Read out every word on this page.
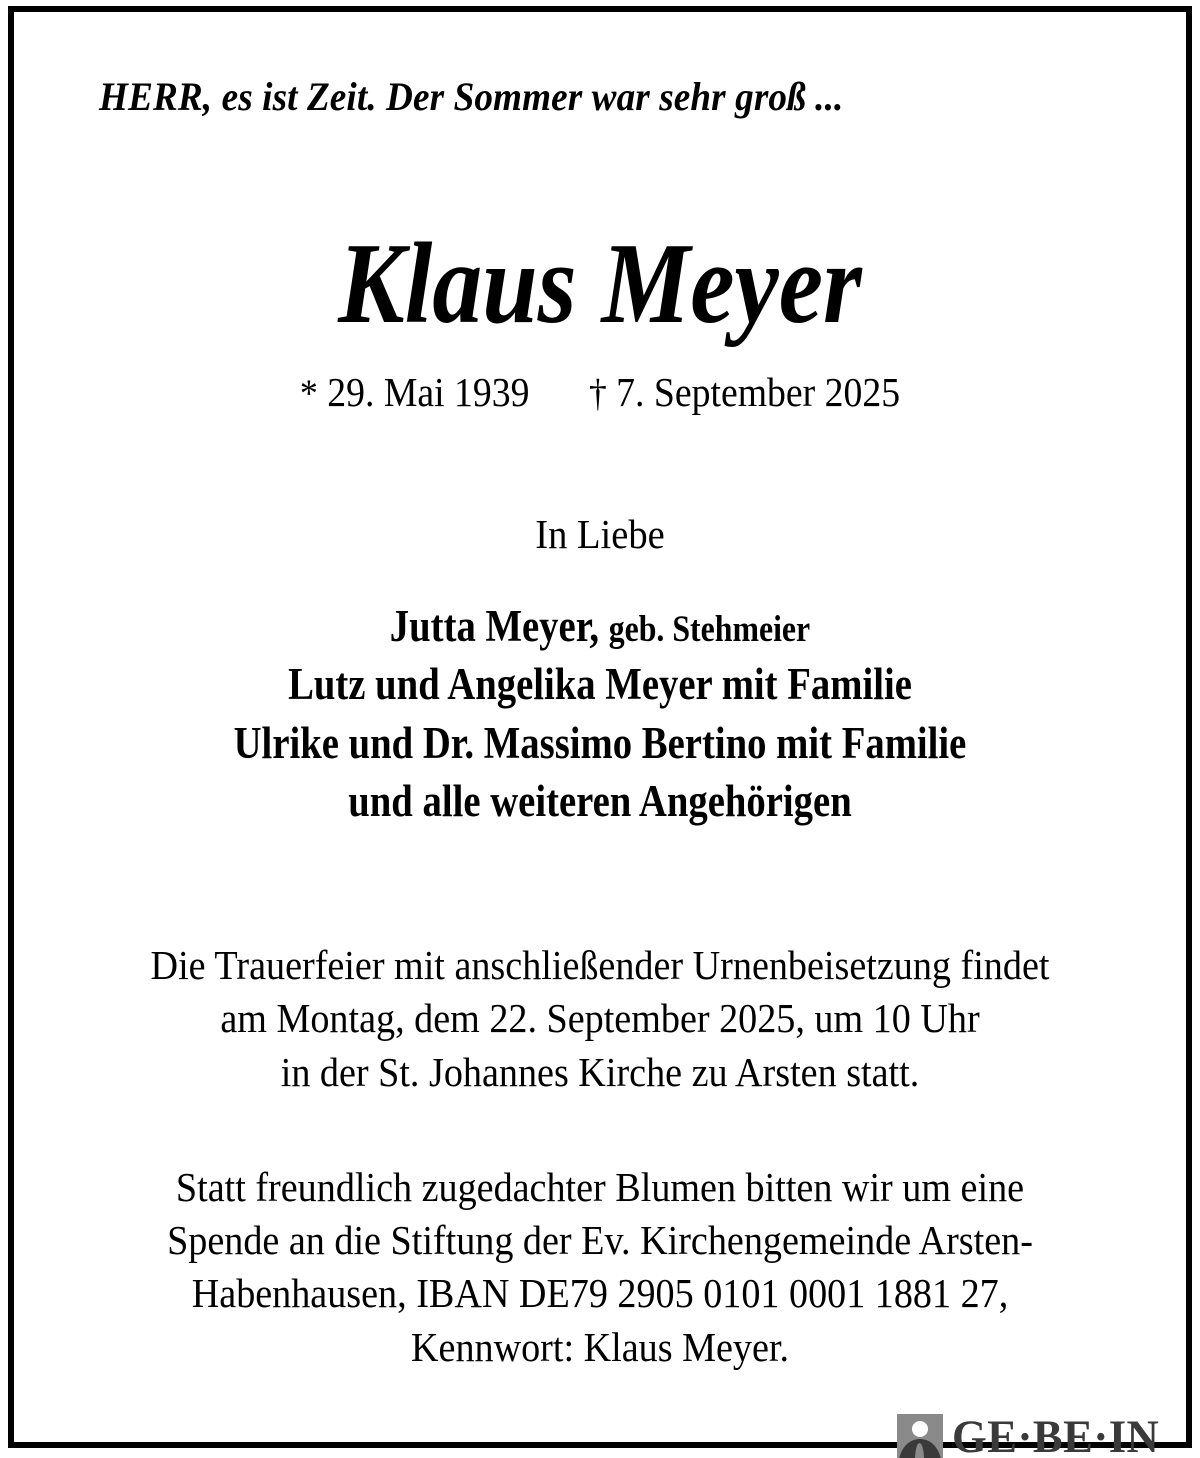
HERR, es ist Zeit. Der Sommer war sehr groß ...
Klaus Meyer
* 29. Mai 1939 † 7. September 2025
In Liebe
Jutta Meyer, geb. Stehmeier
Lutz und Angelika Meyer mit Familie
Ulrike und Dr. Massimo Bertino mit Familie
und alle weiteren Angehörigen
Die Trauerfeier mit anschließender Urnenbeisetzung findet
am Montag, dem 22. September 2025, um 10 Uhr
in der St. Johannes Kirche zu Arsten statt.
Statt freundlich zugedachter Blumen bitten wir um eine
Spende an die Stiftung der Ev. Kirchengemeinde Arsten-
Habenhausen, IBAN DE79 2905 0101 0001 1881 27,
Kennwort: Klaus Meyer.
GE·BE·IN
